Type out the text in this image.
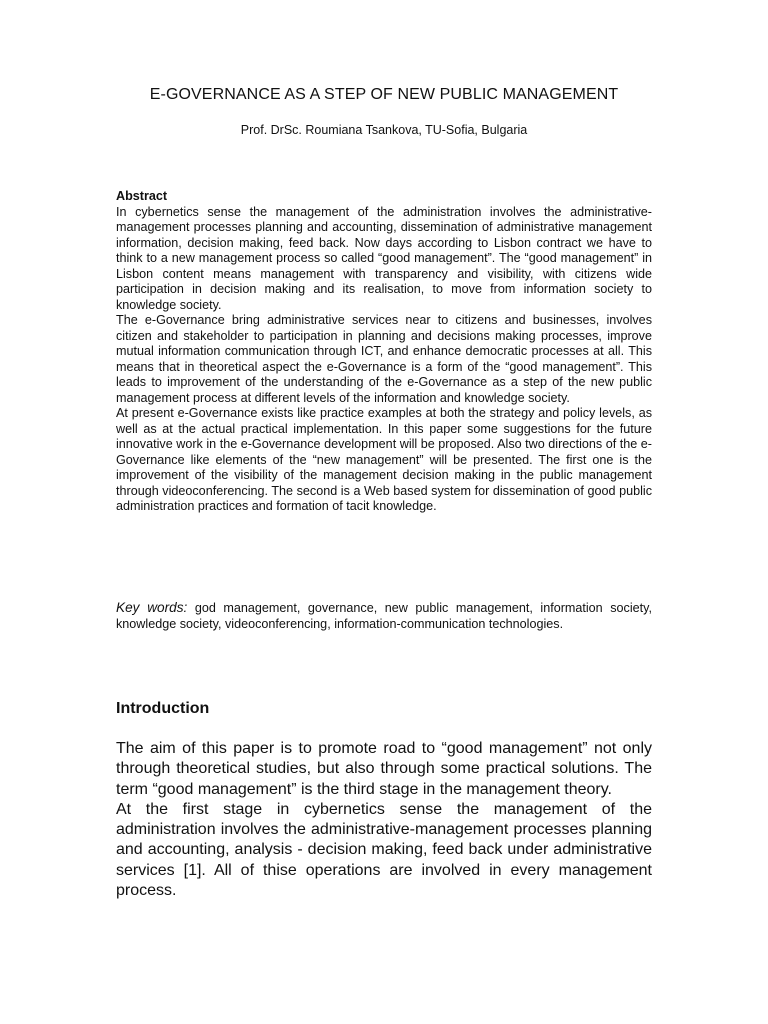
E-GOVERNANCE AS A STEP OF NEW PUBLIC MANAGEMENT

Prof. DrSc. Roumiana Tsankova, TU-Sofia, Bulgaria

Abstract

In cybernetics sense the management of the administration involves the administrative-management processes planning and accounting, dissemination of administrative management information, decision making, feed back. Now days according to Lisbon contract we have to think to a new management process so called “good management”. The “good management” in Lisbon content means management with transparency and visibility, with citizens wide participation in decision making and its realisation, to move from information society to knowledge society.

The e-Governance bring administrative services near to citizens and businesses, involves citizen and stakeholder to participation in planning and decisions making processes, improve mutual information communication through ICT, and enhance democratic processes at all. This means that in theoretical aspect the e-Governance is a form of the “good management”. This leads to improvement of the understanding of the e-Governance as a step of the new public management process at different levels of the information and knowledge society.

At present e-Governance exists like practice examples at both the strategy and policy levels, as well as at the actual practical implementation. In this paper some suggestions for the future innovative work in the e-Governance development will be proposed. Also two directions of the e-Governance like elements of the “new management” will be presented. The first one is the improvement of the visibility of the management decision making in the public management through videoconferencing. The second is a Web based system for dissemination of good public administration practices and formation of tacit knowledge.

Key words: god management, governance, new public management, information society, knowledge society, videoconferencing, information-communication technologies.

Introduction

The aim of this paper is to promote road to “good management” not only through theoretical studies, but also through some practical solutions. The term “good management” is the third stage in the management theory.

At the first stage in cybernetics sense the management of the administration involves the administrative-management processes planning and accounting, analysis - decision making, feed back under administrative services [1]. All of thise operations are involved in every management process.
